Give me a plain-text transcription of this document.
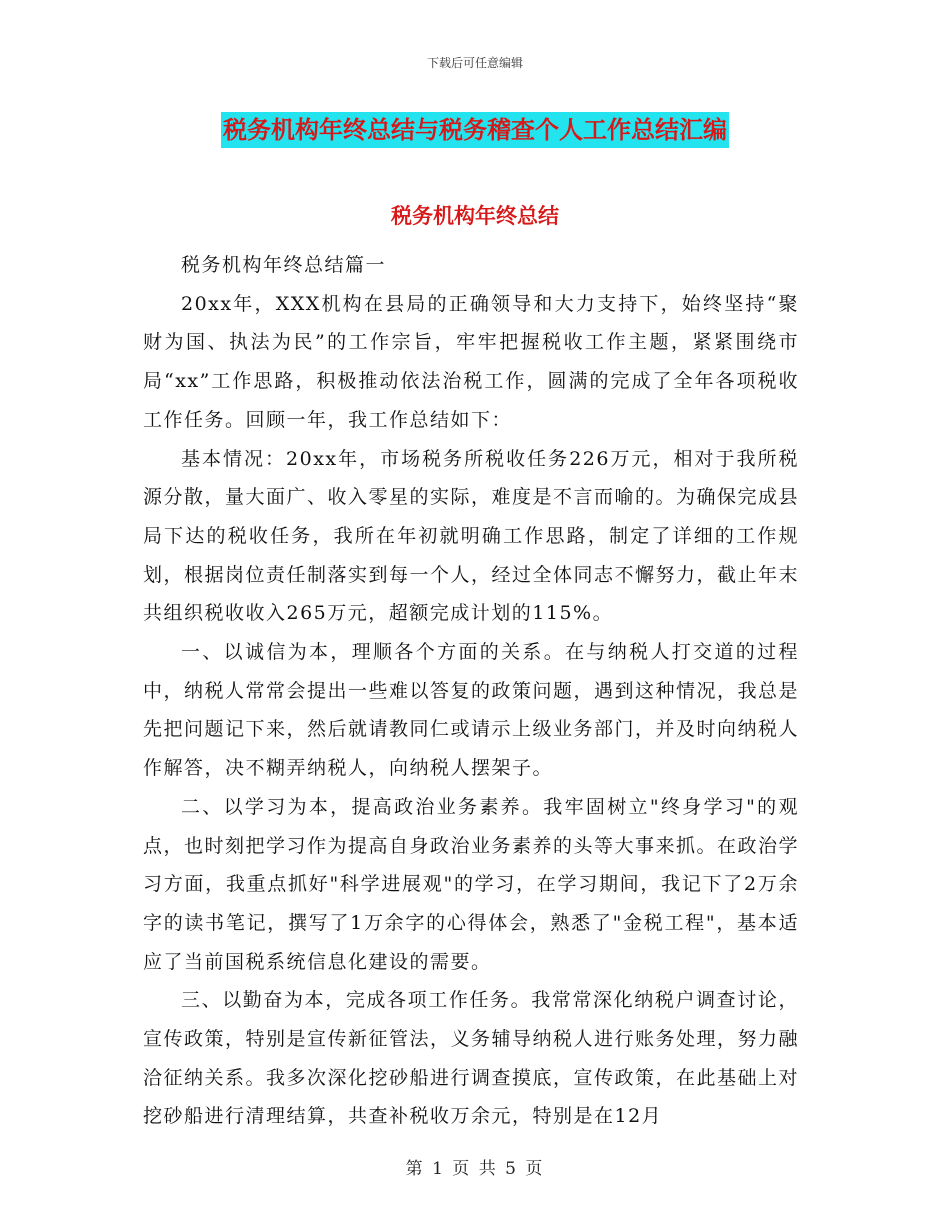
下载后可任意编辑
税务机构年终总结与税务稽查个人工作总结汇编
税务机构年终总结

税务机构年终总结篇一

20xx年，XXX机构在县局的正确领导和大力支持下，始终坚持“聚财为国、执法为民”的工作宗旨，牢牢把握税收工作主题，紧紧围绕市局“xx”工作思路，积极推动依法治税工作，圆满的完成了全年各项税收工作任务。回顾一年，我工作总结如下：

基本情况：20xx年，市场税务所税收任务226万元，相对于我所税源分散，量大面广、收入零星的实际，难度是不言而喻的。为确保完成县局下达的税收任务，我所在年初就明确工作思路，制定了详细的工作规划，根据岗位责任制落实到每一个人，经过全体同志不懈努力，截止年末共组织税收收入265万元，超额完成计划的115%。

一、以诚信为本，理顺各个方面的关系。在与纳税人打交道的过程中，纳税人常常会提出一些难以答复的政策问题，遇到这种情况，我总是先把问题记下来，然后就请教同仁或请示上级业务部门，并及时向纳税人作解答，决不糊弄纳税人，向纳税人摆架子。

二、以学习为本，提高政治业务素养。我牢固树立"终身学习"的观点，也时刻把学习作为提高自身政治业务素养的头等大事来抓。在政治学习方面，我重点抓好"科学进展观"的学习，在学习期间，我记下了2万余字的读书笔记，撰写了1万余字的心得体会，熟悉了"金税工程"，基本适应了当前国税系统信息化建设的需要。

三、以勤奋为本，完成各项工作任务。我常常深化纳税户调查讨论，宣传政策，特别是宣传新征管法，义务辅导纳税人进行账务处理，努力融洽征纳关系。我多次深化挖砂船进行调查摸底，宣传政策，在此基础上对挖砂船进行清理结算，共查补税收万余元，特别是在12月

第 1 页 共 5 页
